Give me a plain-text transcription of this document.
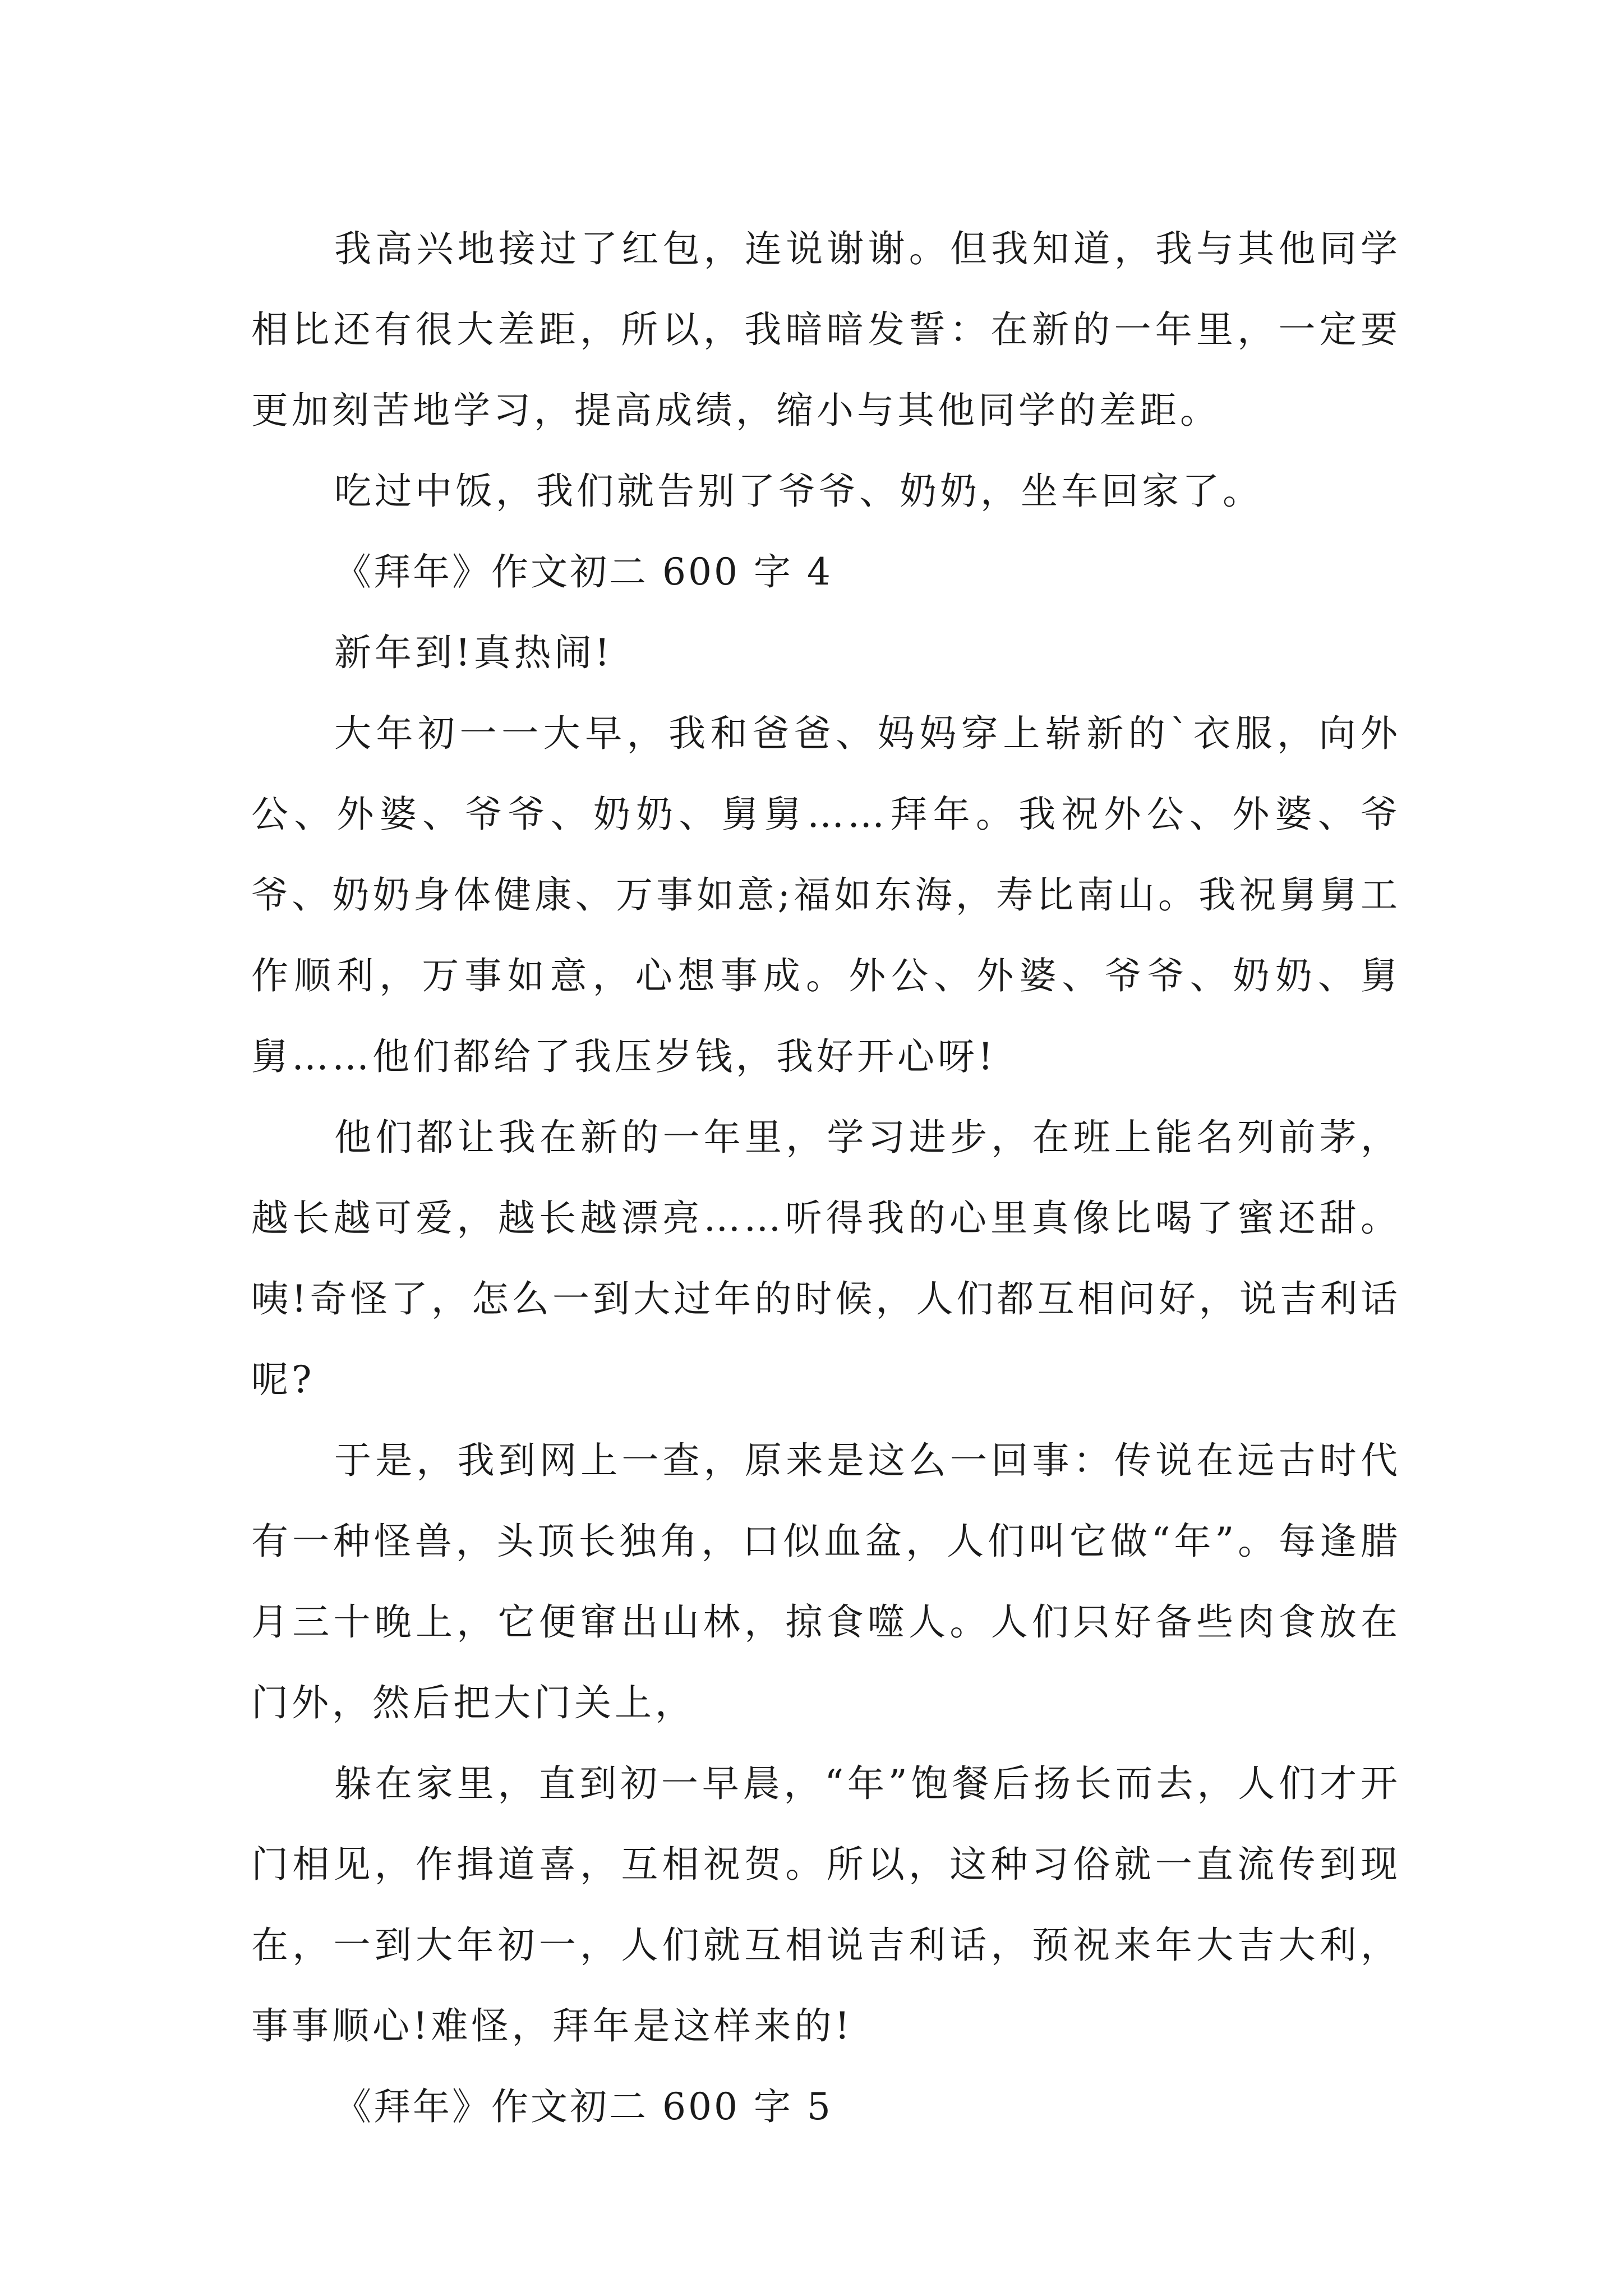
我高兴地接过了红包，连说谢谢。但我知道，我与其他同学相比还有很大差距，所以，我暗暗发誓：在新的一年里，一定要更加刻苦地学习，提高成绩，缩小与其他同学的差距。

吃过中饭，我们就告别了爷爷、奶奶，坐车回家了。

《拜年》作文初二 600 字 4

新年到!真热闹!

大年初一一大早，我和爸爸、妈妈穿上崭新的`衣服，向外公、外婆、爷爷、奶奶、舅舅……拜年。我祝外公、外婆、爷爷、奶奶身体健康、万事如意;福如东海，寿比南山。我祝舅舅工作顺利，万事如意，心想事成。外公、外婆、爷爷、奶奶、舅舅……他们都给了我压岁钱，我好开心呀!

他们都让我在新的一年里，学习进步，在班上能名列前茅，越长越可爱，越长越漂亮……听得我的心里真像比喝了蜜还甜。 咦!奇怪了，怎么一到大过年的时候，人们都互相问好，说吉利话呢?

于是，我到网上一查，原来是这么一回事：传说在远古时代有一种怪兽，头顶长独角，口似血盆，人们叫它做“年”。每逢腊月三十晚上，它便窜出山林，掠食噬人。人们只好备些肉食放在门外，然后把大门关上，

躲在家里，直到初一早晨，“年”饱餐后扬长而去，人们才开门相见，作揖道喜，互相祝贺。所以，这种习俗就一直流传到现在，一到大年初一，人们就互相说吉利话，预祝来年大吉大利，事事顺心!难怪，拜年是这样来的!

《拜年》作文初二 600 字 5
